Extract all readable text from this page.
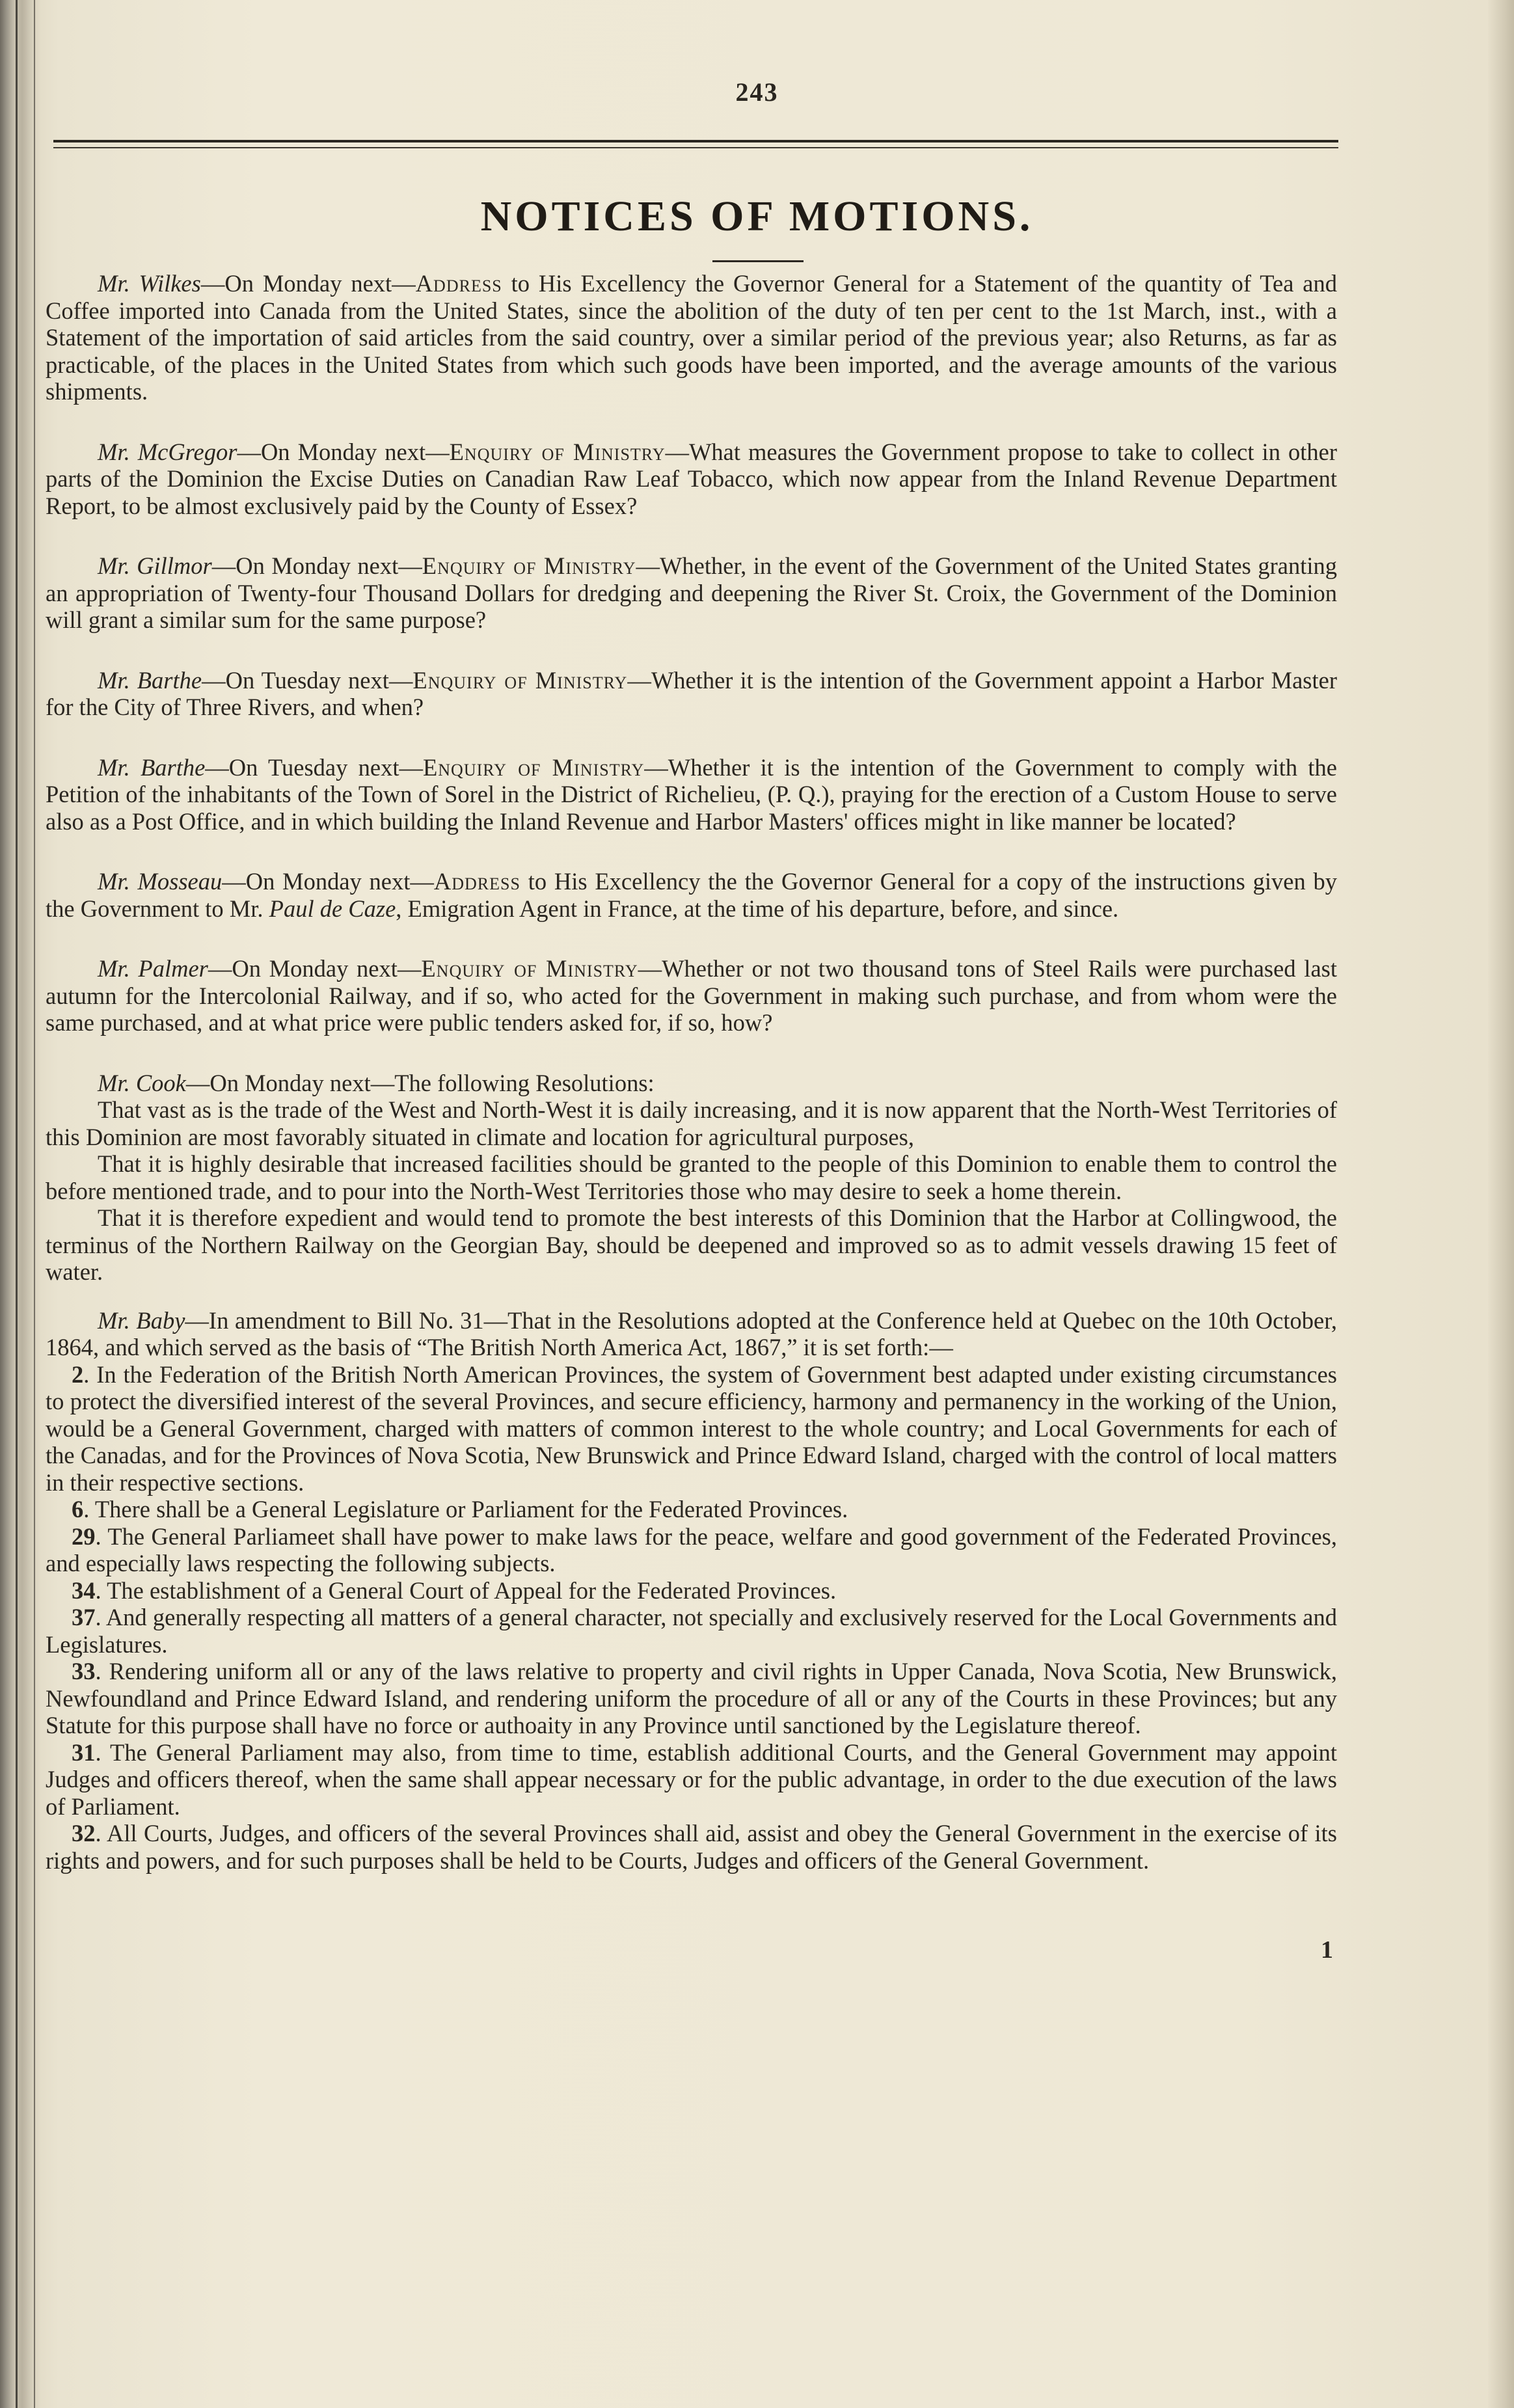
243
NOTICES OF MOTIONS.

Mr. Wilkes—On Monday next—Address to His Excellency the Governor General for a Statement of the quantity of Tea and Coffee imported into Canada from the United States, since the abolition of the duty of ten per cent to the 1st March, inst., with a Statement of the importation of said articles from the said country, over a similar period of the previous year; also Returns, as far as practicable, of the places in the United States from which such goods have been imported, and the average amounts of the various shipments.

Mr. McGregor—On Monday next—Enquiry of Ministry—What measures the Government propose to take to collect in other parts of the Dominion the Excise Duties on Canadian Raw Leaf Tobacco, which now appear from the Inland Revenue Department Report, to be almost exclusively paid by the County of Essex?

Mr. Gillmor—On Monday next—Enquiry of Ministry—Whether, in the event of the Government of the United States granting an appropriation of Twenty-four Thousand Dollars for dredging and deepening the River St. Croix, the Government of the Dominion will grant a similar sum for the same purpose?

Mr. Barthe—On Tuesday next—Enquiry of Ministry—Whether it is the intention of the Government appoint a Harbor Master for the City of Three Rivers, and when?

Mr. Barthe—On Tuesday next—Enquiry of Ministry—Whether it is the intention of the Government to comply with the Petition of the inhabitants of the Town of Sorel in the District of Richelieu, (P. Q.), praying for the erection of a Custom House to serve also as a Post Office, and in which building the Inland Revenue and Harbor Masters' offices might in like manner be located?

Mr. Mosseau—On Monday next—Address to His Excellency the the Governor General for a copy of the instructions given by the Government to Mr. Paul de Caze, Emigration Agent in France, at the time of his departure, before, and since.

Mr. Palmer—On Monday next—Enquiry of Ministry—Whether or not two thousand tons of Steel Rails were purchased last autumn for the Intercolonial Railway, and if so, who acted for the Government in making such purchase, and from whom were the same purchased, and at what price were public tenders asked for, if so, how?

Mr. Cook—On Monday next—The following Resolutions:

That vast as is the trade of the West and North-West it is daily increasing, and it is now apparent that the North-West Territories of this Dominion are most favorably situated in climate and location for agricultural purposes,

That it is highly desirable that increased facilities should be granted to the people of this Dominion to enable them to control the before mentioned trade, and to pour into the North-West Territories those who may desire to seek a home therein.

That it is therefore expedient and would tend to promote the best interests of this Dominion that the Harbor at Collingwood, the terminus of the Northern Railway on the Georgian Bay, should be deepened and improved so as to admit vessels drawing 15 feet of water.

Mr. Baby—In amendment to Bill No. 31—That in the Resolutions adopted at the Conference held at Quebec on the 10th October, 1864, and which served as the basis of “The British North America Act, 1867,” it is set forth:—

2. In the Federation of the British North American Provinces, the system of Government best adapted under existing circumstances to protect the diversified interest of the several Provinces, and secure efficiency, harmony and permanency in the working of the Union, would be a General Government, charged with matters of common interest to the whole country; and Local Governments for each of the Canadas, and for the Provinces of Nova Scotia, New Brunswick and Prince Edward Island, charged with the control of local matters in their respective sections.

6. There shall be a General Legislature or Parliament for the Federated Provinces.

29. The General Parliameet shall have power to make laws for the peace, welfare and good government of the Federated Provinces, and especially laws respecting the following subjects.

34. The establishment of a General Court of Appeal for the Federated Provinces.

37. And generally respecting all matters of a general character, not specially and exclusively reserved for the Local Governments and Legislatures.

33. Rendering uniform all or any of the laws relative to property and civil rights in Upper Canada, Nova Scotia, New Brunswick, Newfoundland and Prince Edward Island, and rendering uniform the procedure of all or any of the Courts in these Provinces; but any Statute for this purpose shall have no force or authoaity in any Province until sanctioned by the Legislature thereof.

31. The General Parliament may also, from time to time, establish additional Courts, and the General Government may appoint Judges and officers thereof, when the same shall appear necessary or for the public advantage, in order to the due execution of the laws of Parliament.

32. All Courts, Judges, and officers of the several Provinces shall aid, assist and obey the General Government in the exercise of its rights and powers, and for such purposes shall be held to be Courts, Judges and officers of the General Government.

1
